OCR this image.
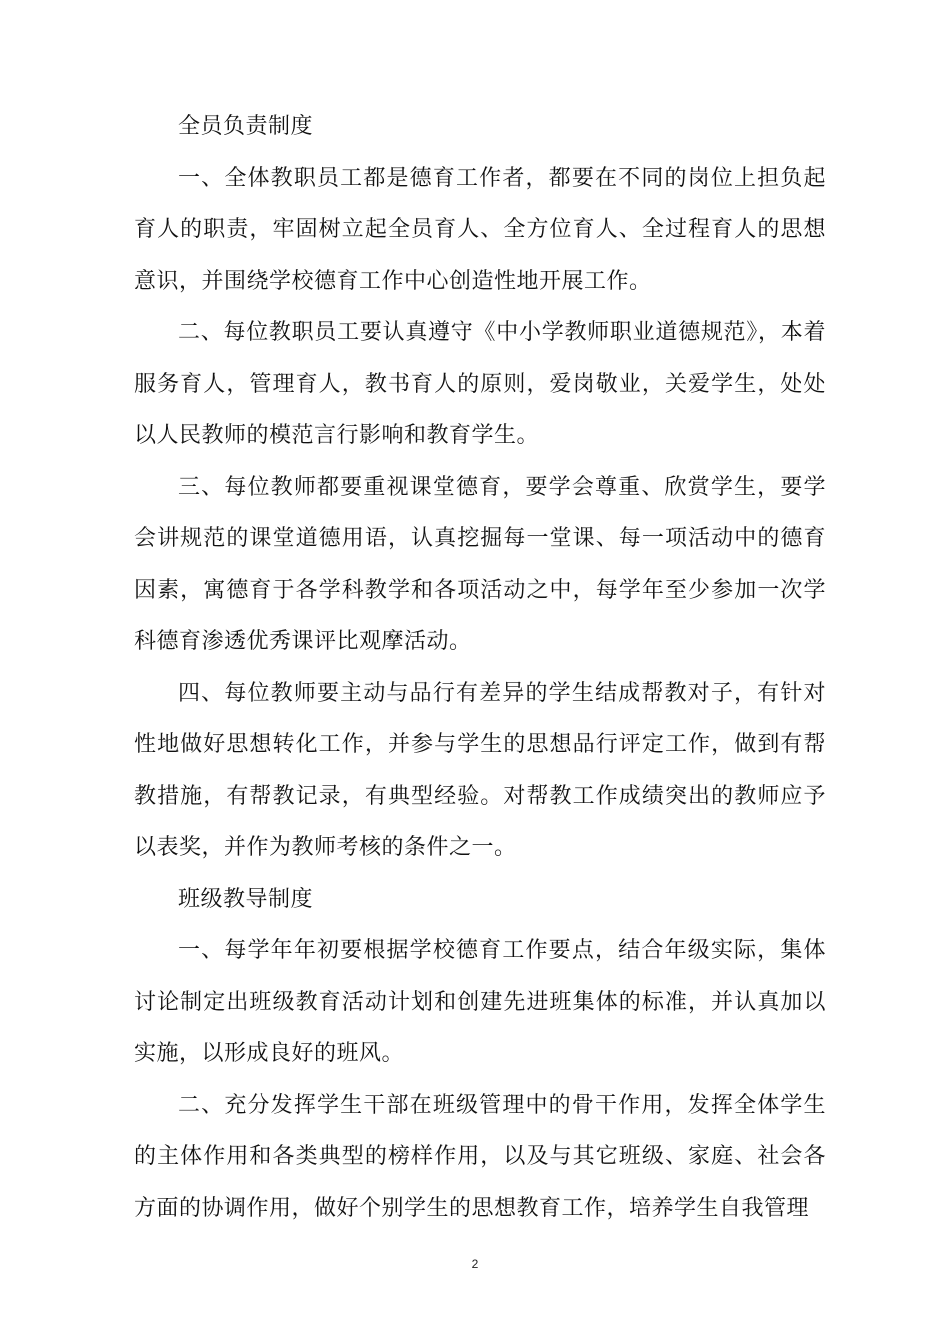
全员负责制度

一、全体教职员工都是德育工作者，都要在不同的岗位上担负起育人的职责，牢固树立起全员育人、全方位育人、全过程育人的思想意识，并围绕学校德育工作中心创造性地开展工作。

二、每位教职员工要认真遵守《中小学教师职业道德规范》，本着服务育人，管理育人，教书育人的原则，爱岗敬业，关爱学生，处处以人民教师的模范言行影响和教育学生。

三、每位教师都要重视课堂德育，要学会尊重、欣赏学生，要学会讲规范的课堂道德用语，认真挖掘每一堂课、每一项活动中的德育因素，寓德育于各学科教学和各项活动之中，每学年至少参加一次学科德育渗透优秀课评比观摩活动。

四、每位教师要主动与品行有差异的学生结成帮教对子，有针对性地做好思想转化工作，并参与学生的思想品行评定工作，做到有帮教措施，有帮教记录，有典型经验。对帮教工作成绩突出的教师应予以表奖，并作为教师考核的条件之一。

班级教导制度

一、每学年年初要根据学校德育工作要点，结合年级实际，集体讨论制定出班级教育活动计划和创建先进班集体的标准，并认真加以实施，以形成良好的班风。

二、充分发挥学生干部在班级管理中的骨干作用，发挥全体学生的主体作用和各类典型的榜样作用，以及与其它班级、家庭、社会各方面的协调作用，做好个别学生的思想教育工作，培养学生自我管理

2
